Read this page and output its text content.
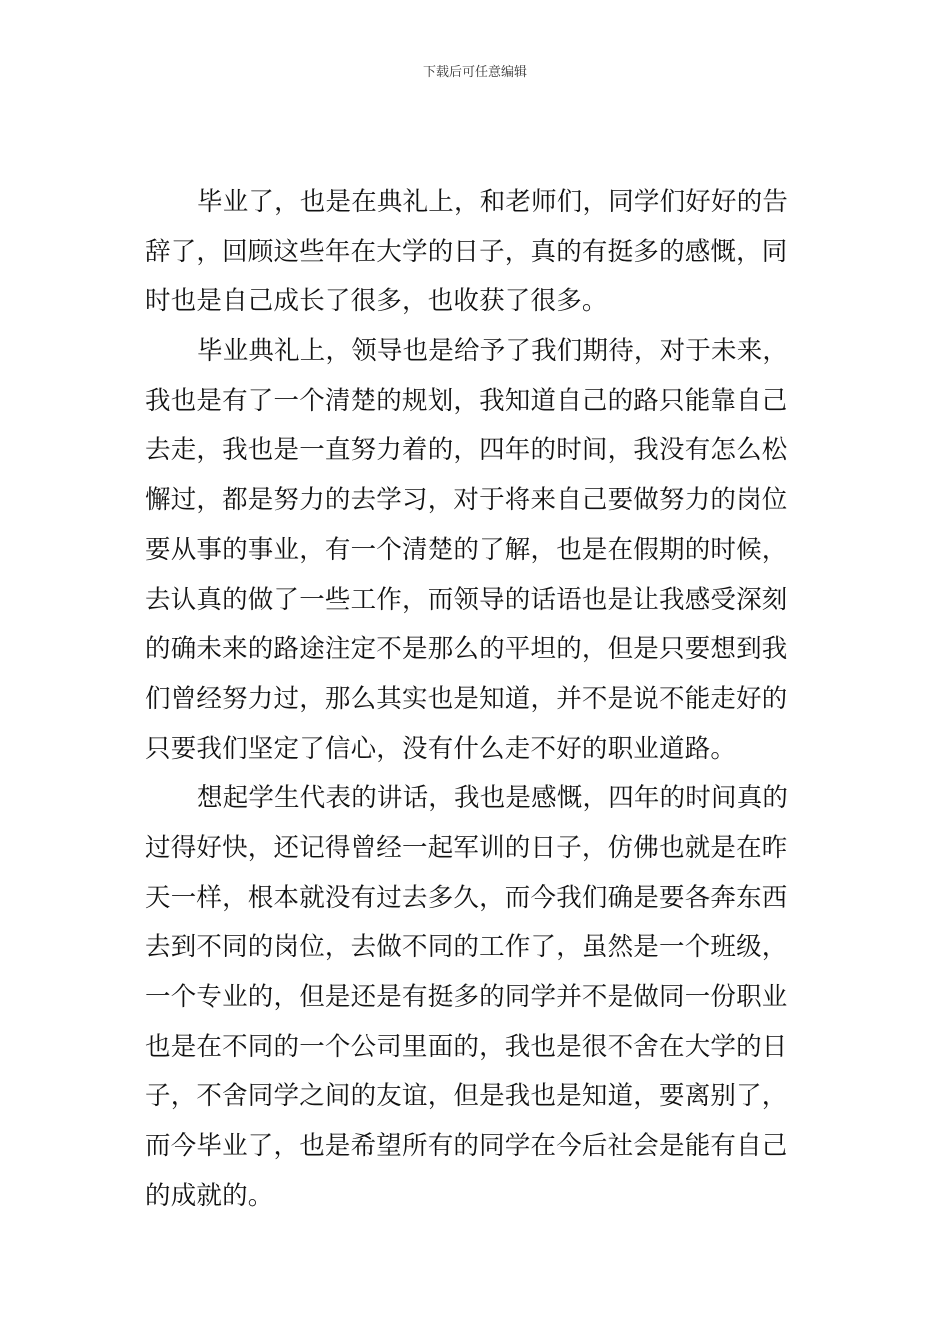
下载后可任意编辑
毕业了，也是在典礼上，和老师们，同学们好好的告
辞了，回顾这些年在大学的日子，真的有挺多的感慨，同
时也是自己成长了很多，也收获了很多。
毕业典礼上，领导也是给予了我们期待，对于未来，
我也是有了一个清楚的规划，我知道自己的路只能靠自己
去走，我也是一直努力着的，四年的时间，我没有怎么松
懈过，都是努力的去学习，对于将来自己要做努力的岗位
要从事的事业，有一个清楚的了解，也是在假期的时候，
去认真的做了一些工作，而领导的话语也是让我感受深刻
的确未来的路途注定不是那么的平坦的，但是只要想到我
们曾经努力过，那么其实也是知道，并不是说不能走好的
只要我们坚定了信心，没有什么走不好的职业道路。
想起学生代表的讲话，我也是感慨，四年的时间真的
过得好快，还记得曾经一起军训的日子，仿佛也就是在昨
天一样，根本就没有过去多久，而今我们确是要各奔东西
去到不同的岗位，去做不同的工作了，虽然是一个班级，
一个专业的，但是还是有挺多的同学并不是做同一份职业
也是在不同的一个公司里面的，我也是很不舍在大学的日
子，不舍同学之间的友谊，但是我也是知道，要离别了，
而今毕业了，也是希望所有的同学在今后社会是能有自己
的成就的。
